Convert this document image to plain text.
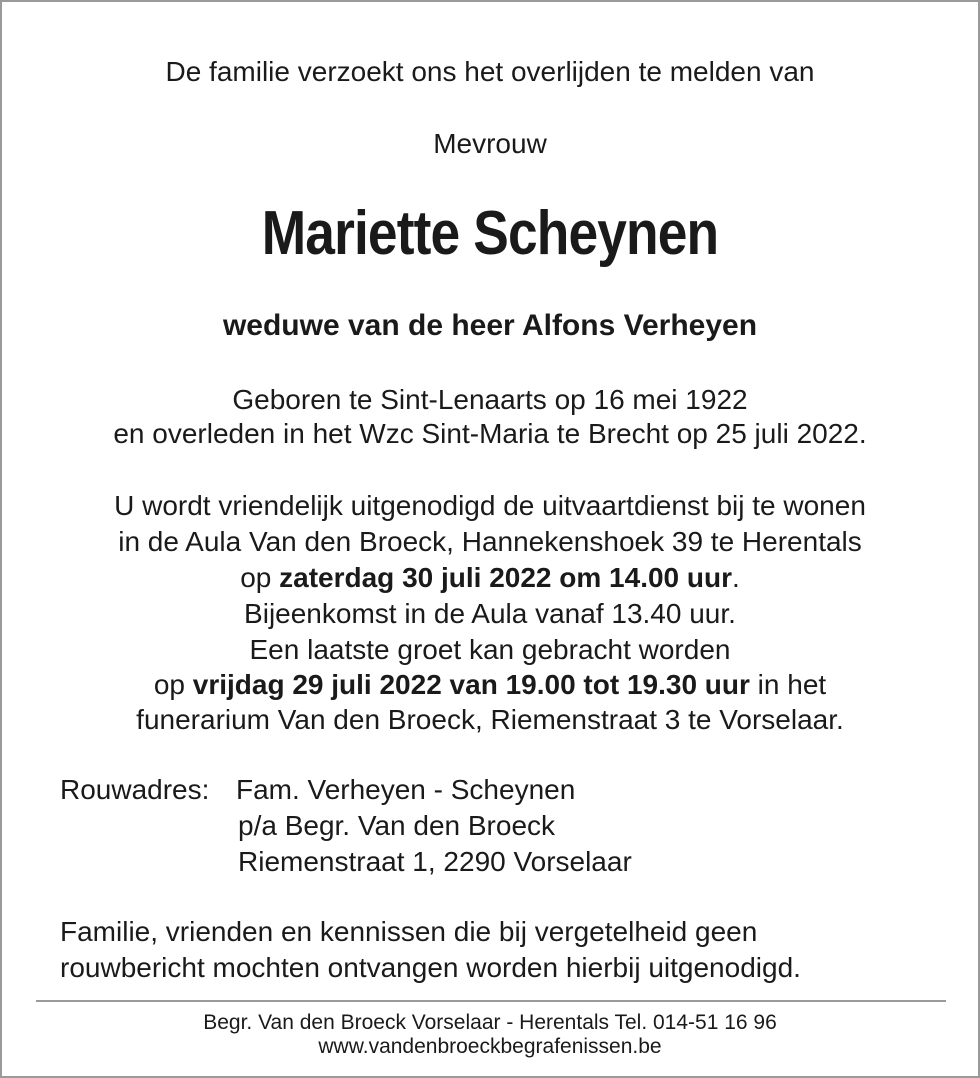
De familie verzoekt ons het overlijden te melden van
Mevrouw
Mariette Scheynen
weduwe van de heer Alfons Verheyen
Geboren te Sint-Lenaarts op 16 mei 1922
en overleden in het Wzc Sint-Maria te Brecht op 25 juli 2022.
U wordt vriendelijk uitgenodigd de uitvaartdienst bij te wonen
in de Aula Van den Broeck, Hannekenshoek 39 te Herentals
op zaterdag 30 juli 2022 om 14.00 uur.
Bijeenkomst in de Aula vanaf 13.40 uur.
Een laatste groet kan gebracht worden
op vrijdag 29 juli 2022 van 19.00 tot 19.30 uur in het
funerarium Van den Broeck, Riemenstraat 3 te Vorselaar.
Rouwadres: Fam. Verheyen - Scheynen
p/a Begr. Van den Broeck
Riemenstraat 1, 2290 Vorselaar
Familie, vrienden en kennissen die bij vergetelheid geen
rouwbericht mochten ontvangen worden hierbij uitgenodigd.
Begr. Van den Broeck Vorselaar - Herentals Tel. 014-51 16 96
www.vandenbroeckbegrafenissen.be
